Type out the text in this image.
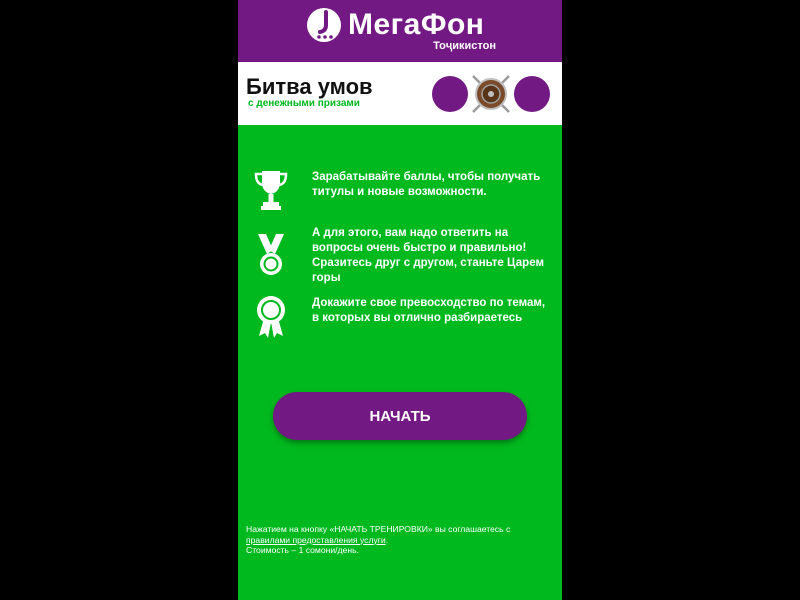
МегаФон
Тоҷикистон
Битва умов
с денежными призами
Зарабатывайте баллы, чтобы получать титулы и новые возможности.
А для этого, вам надо ответить на вопросы очень быстро и правильно! Сразитесь друг с другом, станьте Царем горы
Докажите свое превосходство по темам, в которых вы отлично разбираетесь
НАЧАТЬ
Нажатием на кнопку «НАЧАТЬ ТРЕНИРОВКИ» вы соглашаетесь с
правилами предоставления услуги.
Стоимость – 1 сомони/день.
